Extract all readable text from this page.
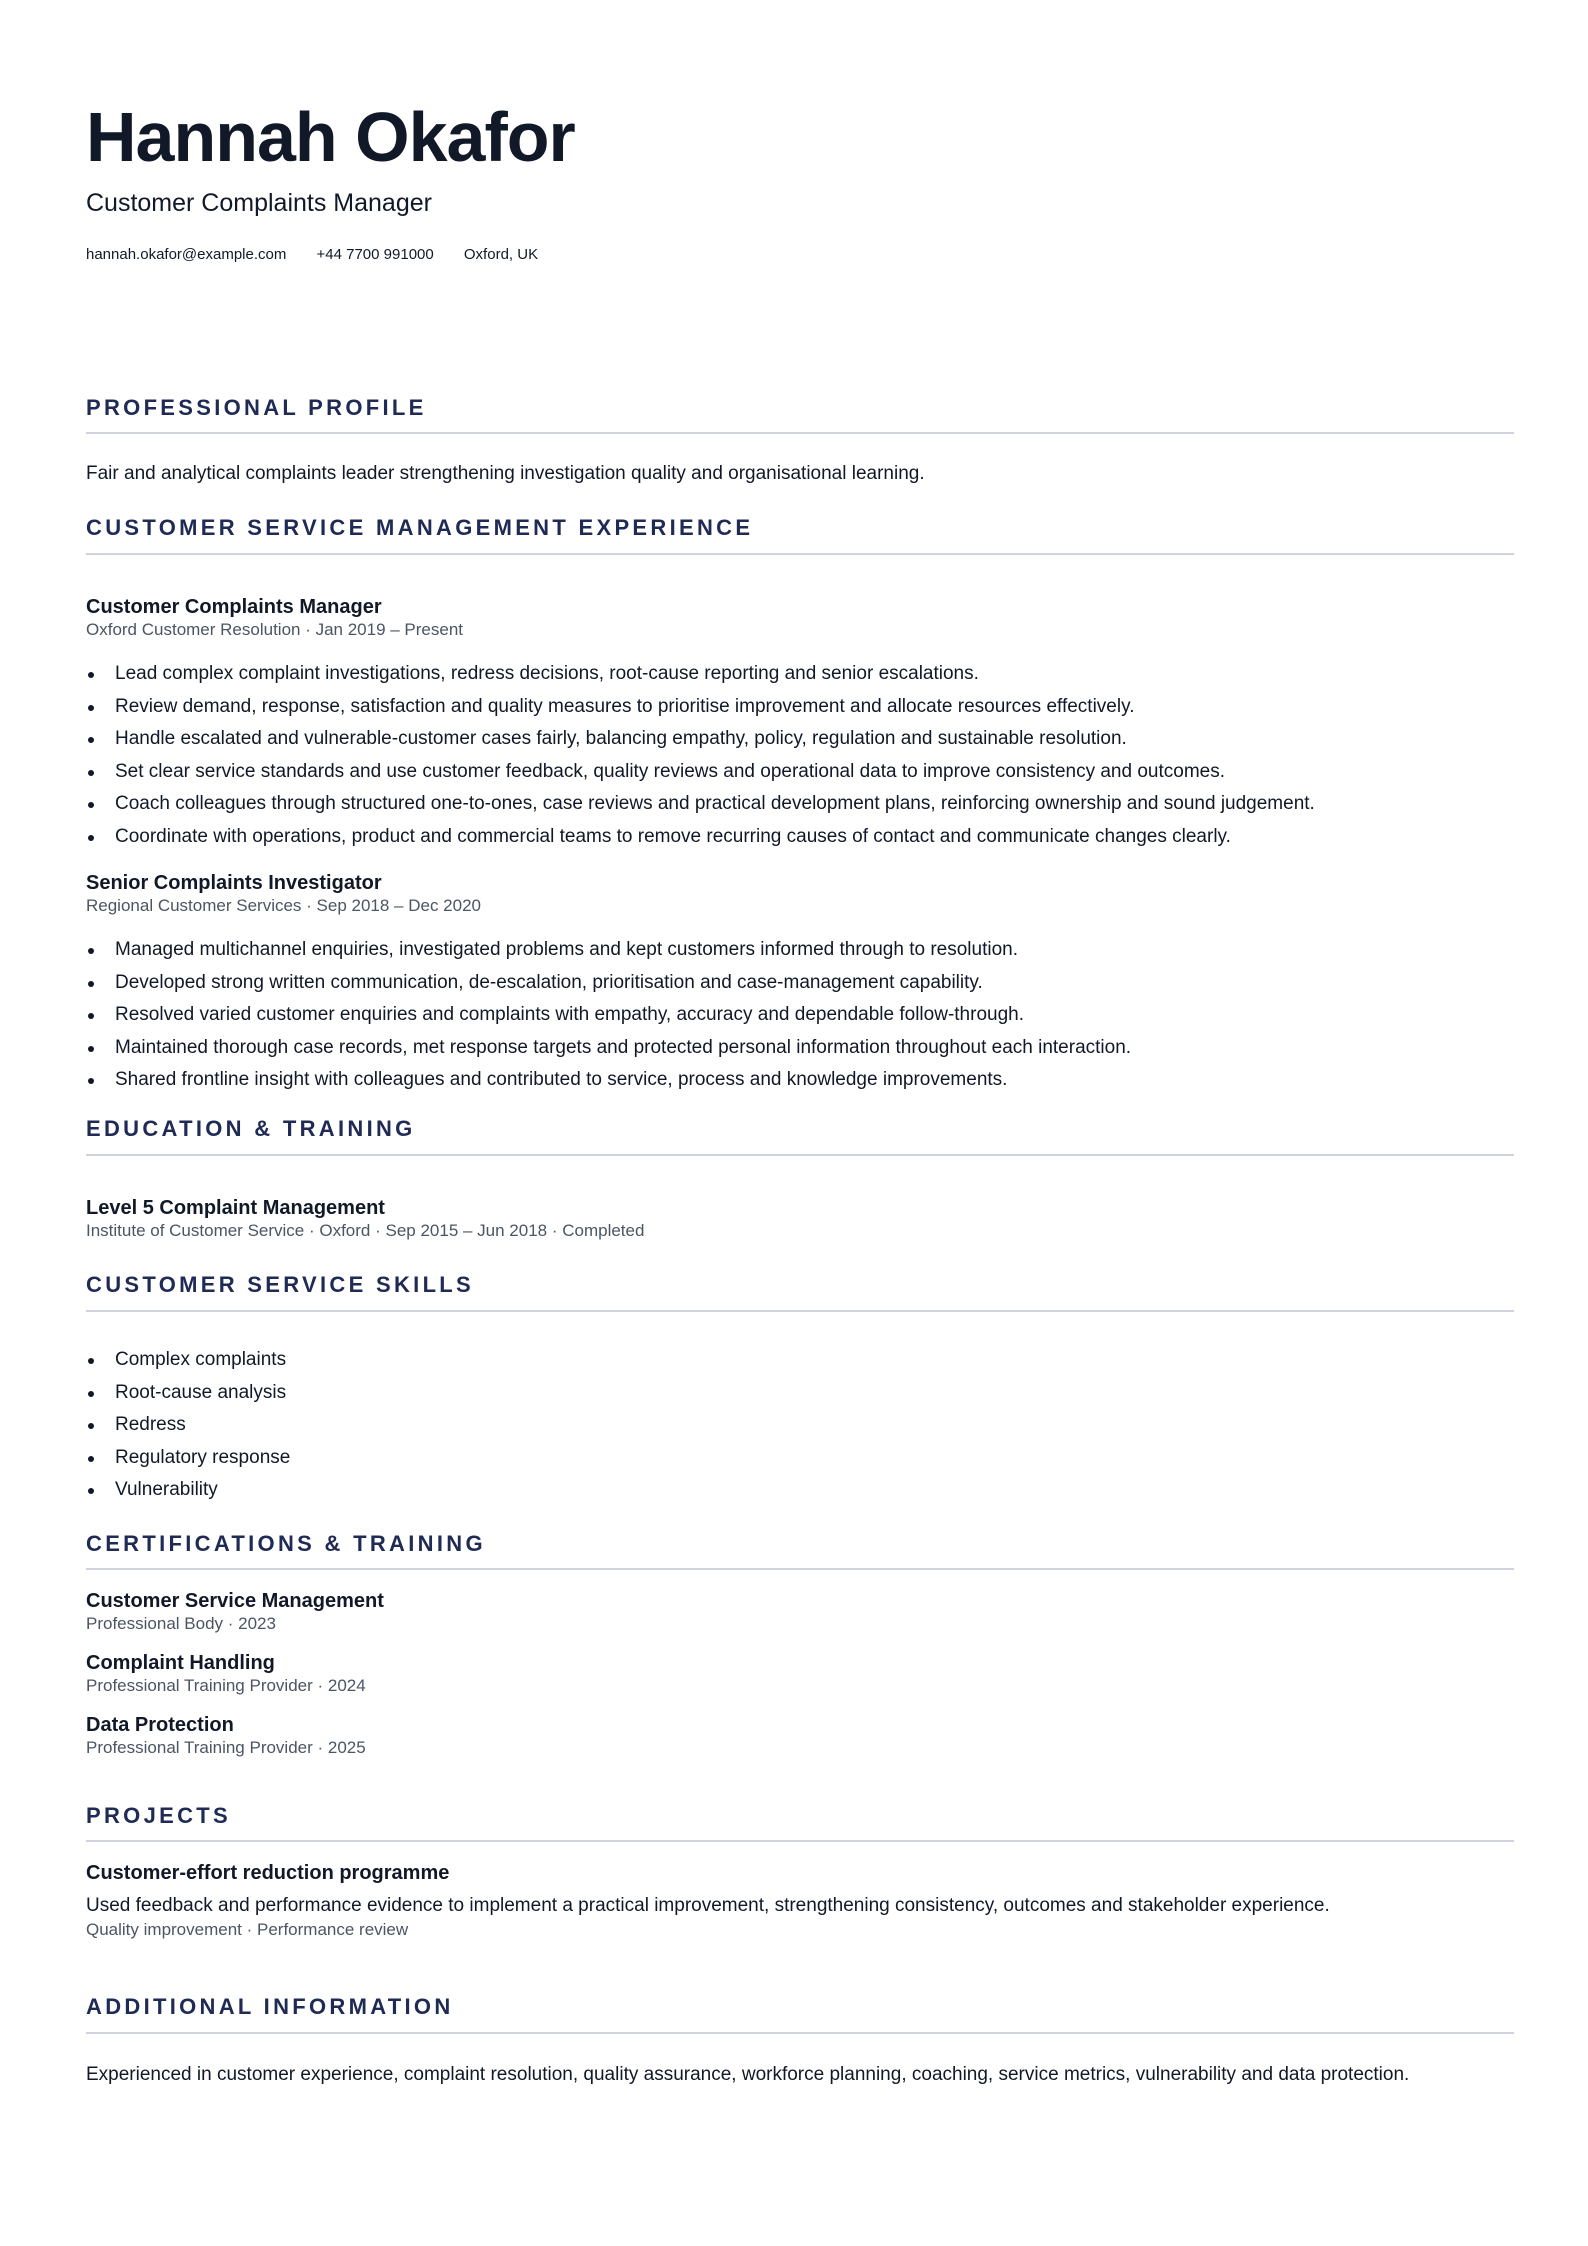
Hannah Okafor
Customer Complaints Manager
hannah.okafor@example.com +44 7700 991000 Oxford, UK
PROFESSIONAL PROFILE
Fair and analytical complaints leader strengthening investigation quality and organisational learning.
CUSTOMER SERVICE MANAGEMENT EXPERIENCE
Customer Complaints Manager
Oxford Customer Resolution · Jan 2019 – Present
Lead complex complaint investigations, redress decisions, root-cause reporting and senior escalations.
Review demand, response, satisfaction and quality measures to prioritise improvement and allocate resources effectively.
Handle escalated and vulnerable-customer cases fairly, balancing empathy, policy, regulation and sustainable resolution.
Set clear service standards and use customer feedback, quality reviews and operational data to improve consistency and outcomes.
Coach colleagues through structured one-to-ones, case reviews and practical development plans, reinforcing ownership and sound judgement.
Coordinate with operations, product and commercial teams to remove recurring causes of contact and communicate changes clearly.
Senior Complaints Investigator
Regional Customer Services · Sep 2018 – Dec 2020
Managed multichannel enquiries, investigated problems and kept customers informed through to resolution.
Developed strong written communication, de-escalation, prioritisation and case-management capability.
Resolved varied customer enquiries and complaints with empathy, accuracy and dependable follow-through.
Maintained thorough case records, met response targets and protected personal information throughout each interaction.
Shared frontline insight with colleagues and contributed to service, process and knowledge improvements.
EDUCATION & TRAINING
Level 5 Complaint Management
Institute of Customer Service · Oxford · Sep 2015 – Jun 2018 · Completed
CUSTOMER SERVICE SKILLS
Complex complaints
Root-cause analysis
Redress
Regulatory response
Vulnerability
CERTIFICATIONS & TRAINING
Customer Service Management
Professional Body · 2023
Complaint Handling
Professional Training Provider · 2024
Data Protection
Professional Training Provider · 2025
PROJECTS
Customer-effort reduction programme
Used feedback and performance evidence to implement a practical improvement, strengthening consistency, outcomes and stakeholder experience.
Quality improvement · Performance review
ADDITIONAL INFORMATION
Experienced in customer experience, complaint resolution, quality assurance, workforce planning, coaching, service metrics, vulnerability and data protection.
